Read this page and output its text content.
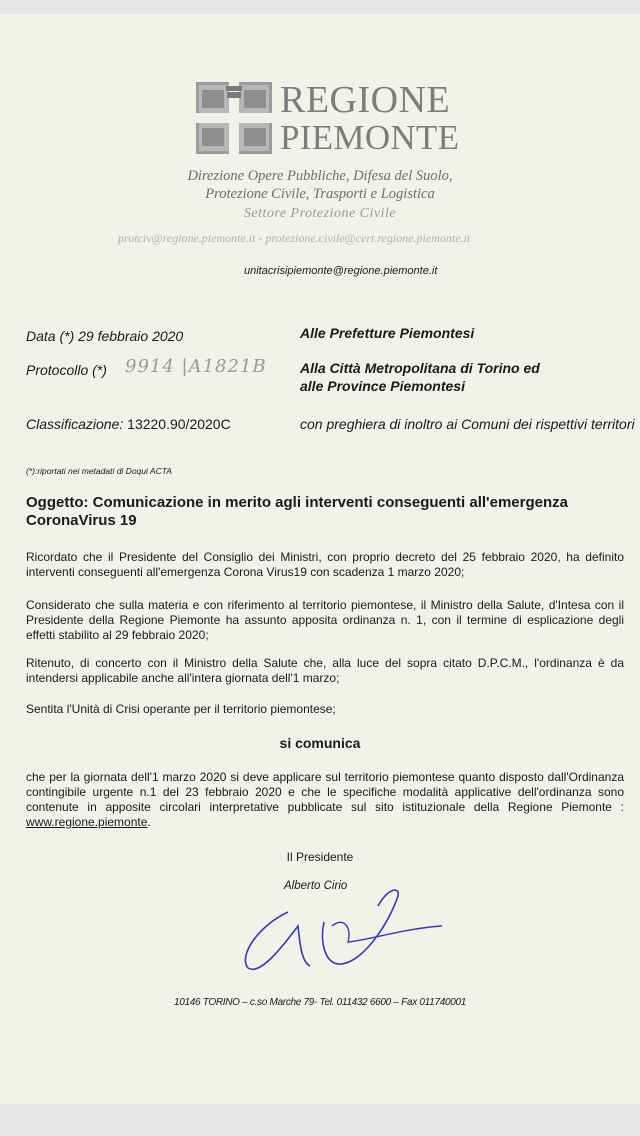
REGIONE
PIEMONTE
Direzione Opere Pubbliche, Difesa del Suolo,
Protezione Civile, Trasporti e Logistica
Settore Protezione Civile
protciv@regione.piemonte.it - protezione.civile@cert.regione.piemonte.it
unitacrisipiemonte@regione.piemonte.it
Data (*) 29 febbraio 2020
Protocollo (*) 9914 |A1821B
Classificazione: 13220.90/2020C
Alle Prefetture Piemontesi
Alla Città Metropolitana di Torino ed
alle Province Piemontesi
con preghiera di inoltro ai Comuni dei rispettivi territori
(*):riportati nei metadati di Doqui ACTA
Oggetto: Comunicazione in merito agli interventi conseguenti all'emergenza CoronaVirus 19
Ricordato che il Presidente del Consiglio dei Ministri, con proprio decreto del 25 febbraio 2020, ha definito interventi conseguenti all'emergenza Corona Virus19 con scadenza 1 marzo 2020;
Considerato che sulla materia e con riferimento al territorio piemontese, il Ministro della Salute, d'Intesa con il Presidente della Regione Piemonte ha assunto apposita ordinanza n. 1, con il termine di esplicazione degli effetti stabilito al 29 febbraio 2020;
Ritenuto, di concerto con il Ministro della Salute che, alla luce del sopra citato D.P.C.M., l'ordinanza è da intendersi applicabile anche all'intera giornata dell'1 marzo;
Sentita l'Unità di Crisi operante per il territorio piemontese;
si comunica
che per la giornata dell'1 marzo 2020 si deve applicare sul territorio piemontese quanto disposto dall'Ordinanza contingibile urgente n.1 del 23 febbraio 2020 e che le specifiche modalità applicative dell'ordinanza sono contenute in apposite circolari interpretative pubblicate sul sito istituzionale della Regione Piemonte : www.regione.piemonte.
Il Presidente
Alberto Cirio
10146 TORINO – c.so Marche 79- Tel. 011432 6600 – Fax 011740001
